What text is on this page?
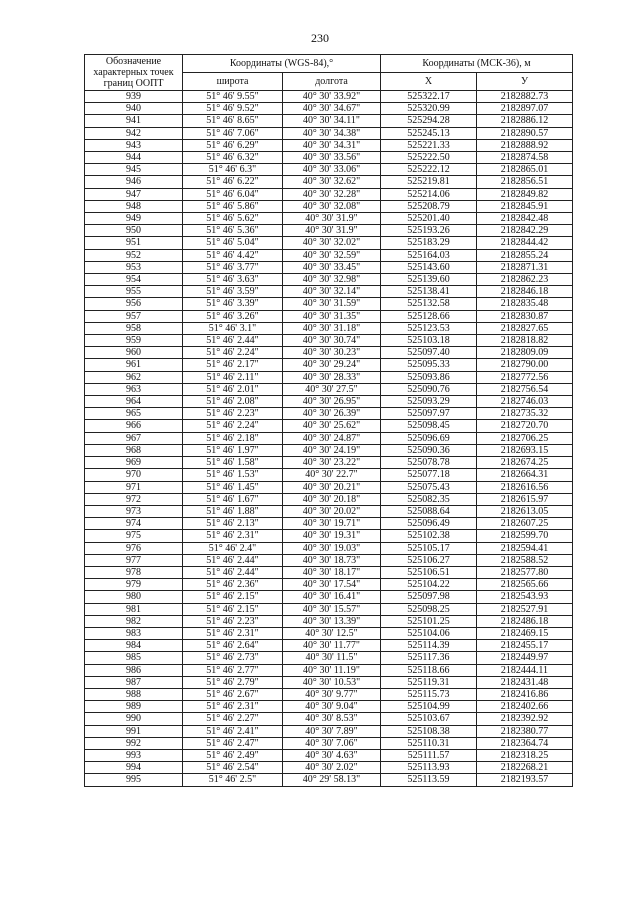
230
Обозначение характерных точек границ ООПТ	Координаты (WGS-84),°		Координаты (МСК-36), м	
	широта	долгота	X	У
939	51° 46' 9.55"	40° 30' 33.92"	525322.17	2182882.73
940	51° 46' 9.52"	40° 30' 34.67"	525320.99	2182897.07
941	51° 46' 8.65"	40° 30' 34.11"	525294.28	2182886.12
942	51° 46' 7.06"	40° 30' 34.38"	525245.13	2182890.57
943	51° 46' 6.29"	40° 30' 34.31"	525221.33	2182888.92
944	51° 46' 6.32"	40° 30' 33.56"	525222.50	2182874.58
945	51° 46' 6.3"	40° 30' 33.06"	525222.12	2182865.01
946	51° 46' 6.22"	40° 30' 32.62"	525219.81	2182856.51
947	51° 46' 6.04"	40° 30' 32.28"	525214.06	2182849.82
948	51° 46' 5.86"	40° 30' 32.08"	525208.79	2182845.91
949	51° 46' 5.62"	40° 30' 31.9"	525201.40	2182842.48
950	51° 46' 5.36"	40° 30' 31.9"	525193.26	2182842.29
951	51° 46' 5.04"	40° 30' 32.02"	525183.29	2182844.42
952	51° 46' 4.42"	40° 30' 32.59"	525164.03	2182855.24
953	51° 46' 3.77"	40° 30' 33.45"	525143.60	2182871.31
954	51° 46' 3.63"	40° 30' 32.98"	525139.60	2182862.23
955	51° 46' 3.59"	40° 30' 32.14"	525138.41	2182846.18
956	51° 46' 3.39"	40° 30' 31.59"	525132.58	2182835.48
957	51° 46' 3.26"	40° 30' 31.35"	525128.66	2182830.87
958	51° 46' 3.1"	40° 30' 31.18"	525123.53	2182827.65
959	51° 46' 2.44"	40° 30' 30.74"	525103.18	2182818.82
960	51° 46' 2.24"	40° 30' 30.23"	525097.40	2182809.09
961	51° 46' 2.17"	40° 30' 29.24"	525095.33	2182790.00
962	51° 46' 2.11"	40° 30' 28.33"	525093.86	2182772.56
963	51° 46' 2.01"	40° 30' 27.5"	525090.76	2182756.54
964	51° 46' 2.08"	40° 30' 26.95"	525093.29	2182746.03
965	51° 46' 2.23"	40° 30' 26.39"	525097.97	2182735.32
966	51° 46' 2.24"	40° 30' 25.62"	525098.45	2182720.70
967	51° 46' 2.18"	40° 30' 24.87"	525096.69	2182706.25
968	51° 46' 1.97"	40° 30' 24.19"	525090.36	2182693.15
969	51° 46' 1.58"	40° 30' 23.22"	525078.78	2182674.25
970	51° 46' 1.53"	40° 30' 22.7"	525077.18	2182664.31
971	51° 46' 1.45"	40° 30' 20.21"	525075.43	2182616.56
972	51° 46' 1.67"	40° 30' 20.18"	525082.35	2182615.97
973	51° 46' 1.88"	40° 30' 20.02"	525088.64	2182613.05
974	51° 46' 2.13"	40° 30' 19.71"	525096.49	2182607.25
975	51° 46' 2.31"	40° 30' 19.31"	525102.38	2182599.70
976	51° 46' 2.4"	40° 30' 19.03"	525105.17	2182594.41
977	51° 46' 2.44"	40° 30' 18.73"	525106.27	2182588.52
978	51° 46' 2.44"	40° 30' 18.17"	525106.51	2182577.80
979	51° 46' 2.36"	40° 30' 17.54"	525104.22	2182565.66
980	51° 46' 2.15"	40° 30' 16.41"	525097.98	2182543.93
981	51° 46' 2.15"	40° 30' 15.57"	525098.25	2182527.91
982	51° 46' 2.23"	40° 30' 13.39"	525101.25	2182486.18
983	51° 46' 2.31"	40° 30' 12.5"	525104.06	2182469.15
984	51° 46' 2.64"	40° 30' 11.77"	525114.39	2182455.17
985	51° 46' 2.73"	40° 30' 11.5"	525117.36	2182449.97
986	51° 46' 2.77"	40° 30' 11.19"	525118.66	2182444.11
987	51° 46' 2.79"	40° 30' 10.53"	525119.31	2182431.48
988	51° 46' 2.67"	40° 30' 9.77"	525115.73	2182416.86
989	51° 46' 2.31"	40° 30' 9.04"	525104.99	2182402.66
990	51° 46' 2.27"	40° 30' 8.53"	525103.67	2182392.92
991	51° 46' 2.41"	40° 30' 7.89"	525108.38	2182380.77
992	51° 46' 2.47"	40° 30' 7.06"	525110.31	2182364.74
993	51° 46' 2.49"	40° 30' 4.63"	525111.57	2182318.25
994	51° 46' 2.54"	40° 30' 2.02"	525113.93	2182268.21
995	51° 46' 2.5"	40° 29' 58.13"	525113.59	2182193.57
